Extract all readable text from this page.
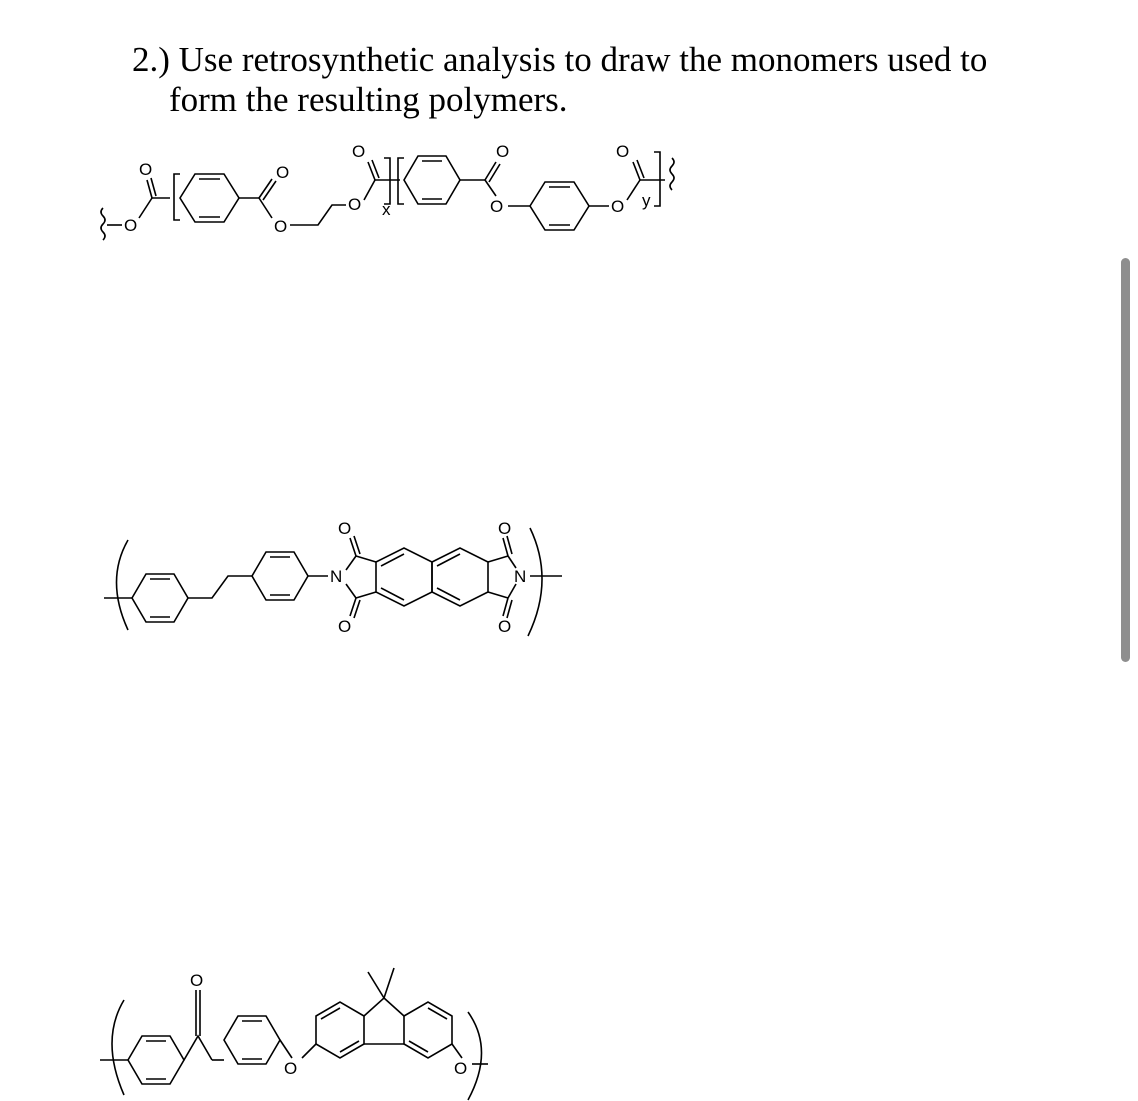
2.) Use retrosynthetic analysis to draw the monomers used to
form the resulting polymers.
O
O	O
O
O
O
x
O
O	O
O
y
N
O
O
O
O
N
O
O	O
